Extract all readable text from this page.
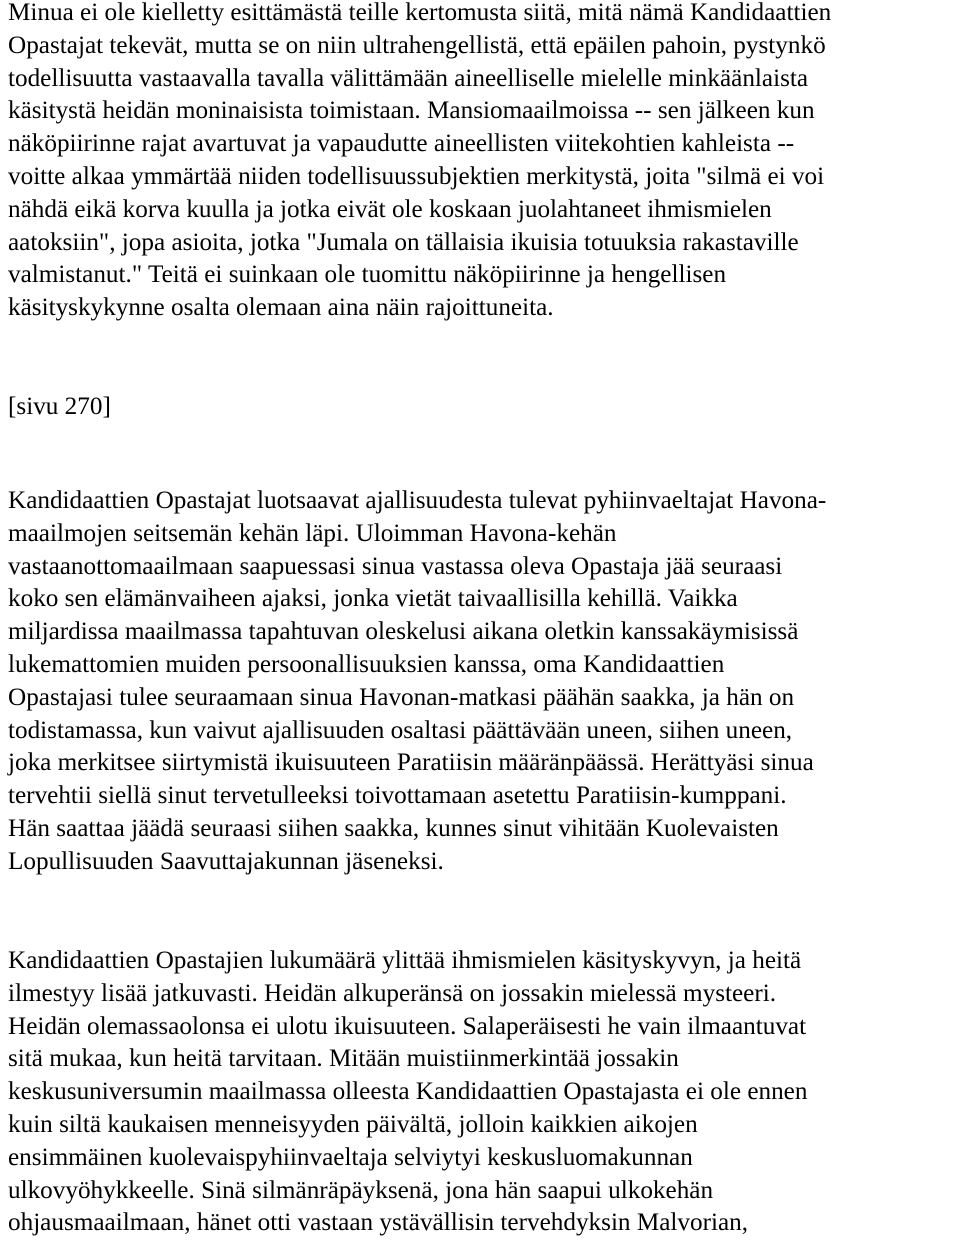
Minua ei ole kielletty esittämästä teille kertomusta siitä, mitä nämä Kandidaattien
Opastajat tekevät, mutta se on niin ultrahengellistä, että epäilen pahoin, pystynkö
todellisuutta vastaavalla tavalla välittämään aineelliselle mielelle minkäänlaista
käsitystä heidän moninaisista toimistaan. Mansiomaailmoissa -- sen jälkeen kun
näköpiirinne rajat avartuvat ja vapaudutte aineellisten viitekohtien kahleista --
voitte alkaa ymmärtää niiden todellisuussubjektien merkitystä, joita "silmä ei voi
nähdä eikä korva kuulla ja jotka eivät ole koskaan juolahtaneet ihmismielen
aatoksiin", jopa asioita, jotka "Jumala on tällaisia ikuisia totuuksia rakastaville
valmistanut." Teitä ei suinkaan ole tuomittu näköpiirinne ja hengellisen
käsityskykynne osalta olemaan aina näin rajoittuneita.
[sivu 270]
Kandidaattien Opastajat luotsaavat ajallisuudesta tulevat pyhiinvaeltajat Havona-
maailmojen seitsemän kehän läpi. Uloimman Havona-kehän
vastaanottomaailmaan saapuessasi sinua vastassa oleva Opastaja jää seuraasi
koko sen elämänvaiheen ajaksi, jonka vietät taivaallisilla kehillä. Vaikka
miljardissa maailmassa tapahtuvan oleskelusi aikana oletkin kanssakäymisissä
lukemattomien muiden persoonallisuuksien kanssa, oma Kandidaattien
Opastajasi tulee seuraamaan sinua Havonan-matkasi päähän saakka, ja hän on
todistamassa, kun vaivut ajallisuuden osaltasi päättävään uneen, siihen uneen,
joka merkitsee siirtymistä ikuisuuteen Paratiisin määränpäässä. Herättyäsi sinua
tervehtii siellä sinut tervetulleeksi toivottamaan asetettu Paratiisin-kumppani.
Hän saattaa jäädä seuraasi siihen saakka, kunnes sinut vihitään Kuolevaisten
Lopullisuuden Saavuttajakunnan jäseneksi.
Kandidaattien Opastajien lukumäärä ylittää ihmismielen käsityskyvyn, ja heitä
ilmestyy lisää jatkuvasti. Heidän alkuperänsä on jossakin mielessä mysteeri.
Heidän olemassaolonsa ei ulotu ikuisuuteen. Salaperäisesti he vain ilmaantuvat
sitä mukaa, kun heitä tarvitaan. Mitään muistiinmerkintää jossakin
keskusuniversumin maailmassa olleesta Kandidaattien Opastajasta ei ole ennen
kuin siltä kaukaisen menneisyyden päivältä, jolloin kaikkien aikojen
ensimmäinen kuolevaispyhiinvaeltaja selviytyi keskusluomakunnan
ulkovyöhykkeelle. Sinä silmänräpäyksenä, jona hän saapui ulkokehän
ohjausmaailmaan, hänet otti vastaan ystävällisin tervehdyksin Malvorian,
